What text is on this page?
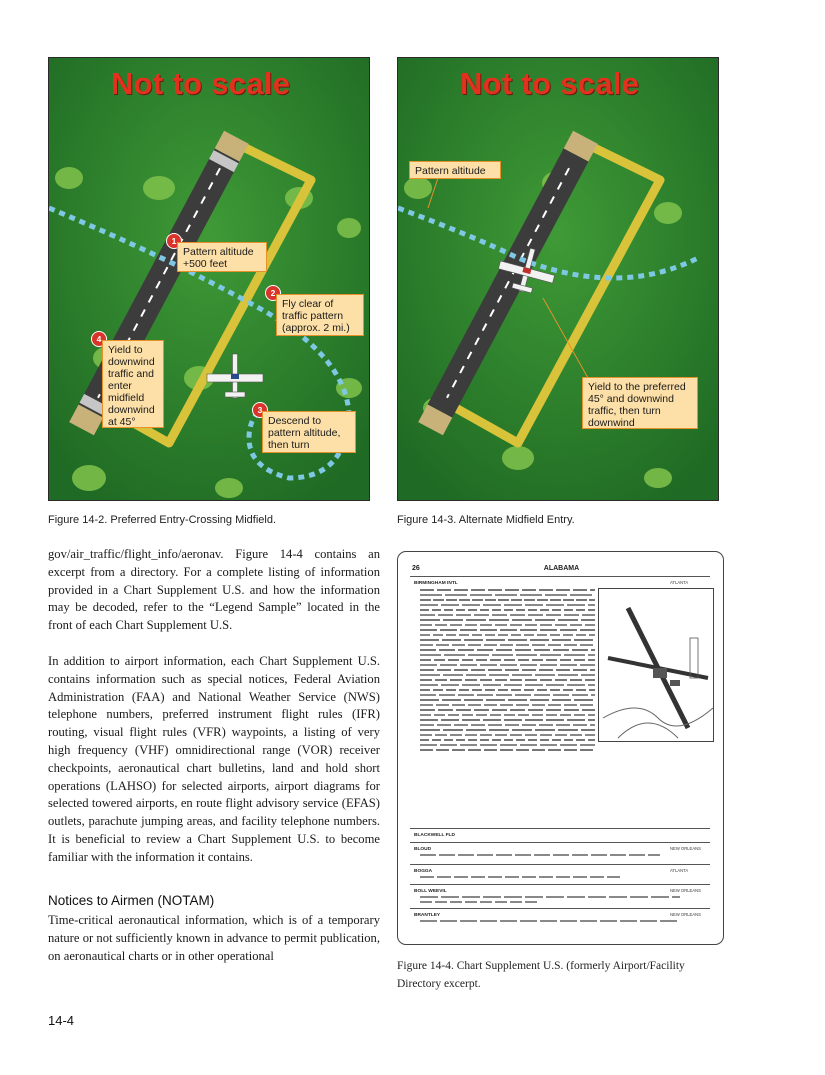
Not to scale
1
Pattern altitude
+500 feet
2
Fly clear of
traffic pattern
(approx. 2 mi.)
3
Descend to
pattern altitude,
then turn
4
Yield to
downwind
traffic and
enter
midfield
downwind
at 45°
Figure 14-2. Preferred Entry-Crossing Midfield.
Not to scale
Pattern altitude
Yield to the preferred
45° and downwind
traffic, then turn
downwind
Figure 14-3. Alternate Midfield Entry.
gov/air_traffic/flight_info/aeronav. Figure 14-4 contains an excerpt from a directory. For a complete listing of information provided in a Chart Supplement U.S. and how the information may be decoded, refer to the “Legend Sample” located in the front of each Chart Supplement U.S.
In addition to airport information, each Chart Supplement U.S. contains information such as special notices, Federal Aviation Administration (FAA) and National Weather Service (NWS) telephone numbers, preferred instrument flight rules (IFR) routing, visual flight rules (VFR) waypoints, a listing of very high frequency (VHF) omnidirectional range (VOR) receiver checkpoints, aeronautical chart bulletins, land and hold short operations (LAHSO) for selected airports, airport diagrams for selected towered airports, en route flight advisory service (EFAS) outlets, parachute jumping areas, and facility telephone numbers. It is beneficial to review a Chart Supplement U.S. to become familiar with the information it contains.
Notices to Airmen (NOTAM)
Time-critical aeronautical information, which is of a temporary nature or not sufficiently known in advance to permit publication, on aeronautical charts or in other operational
26	ALABAMA
BIRMINGHAM INTL	ATLANTA
BLACKWELL FLD
BLOUD	NEW ORLEANS
BOGGA	ATLANTA
BOLL WEEVIL	NEW ORLEANS
BRANTLEY	NEW ORLEANS
Figure 14-4. Chart Supplement U.S. (formerly Airport/Facility Directory excerpt.
14-4
